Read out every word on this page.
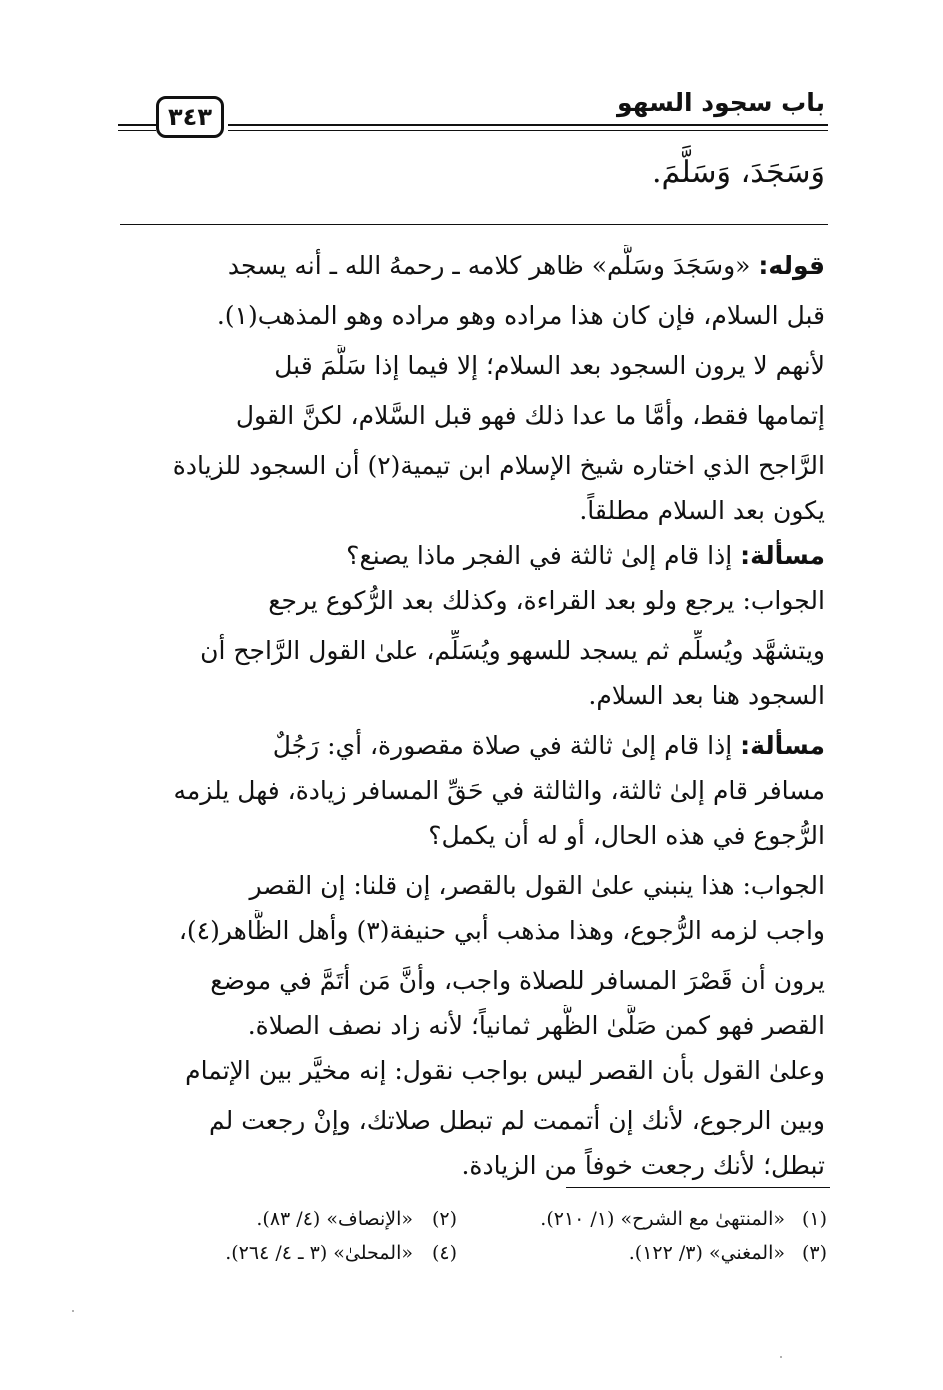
باب سجود السهو
٣٤٣
وَسَجَدَ، وَسَلَّمَ.
قوله: «وسَجَدَ وسَلَّم» ظاهر كلامه ـ رحمهُ الله ـ أنه يسجد
قبل السلام، فإن كان هذا مراده وهو مراده وهو المذهب(١).
لأنهم لا يرون السجود بعد السلام؛ إلا فيما إذا سَلَّمَ قبل
إتمامها فقط، وأمَّا ما عدا ذلك فهو قبل السَّلام، لكنَّ القول
الرَّاجح الذي اختاره شيخ الإسلام ابن تيمية(٢) أن السجود للزيادة
يكون بعد السلام مطلقاً.
مسألة: إذا قام إلىٰ ثالثة في الفجر ماذا يصنع؟
الجواب: يرجع ولو بعد القراءة، وكذلك بعد الرُّكوع يرجع
ويتشهَّد ويُسلِّم ثم يسجد للسهو ويُسَلِّم، علىٰ القول الرَّاجح أن
السجود هنا بعد السلام.
مسألة: إذا قام إلىٰ ثالثة في صلاة مقصورة، أي: رَجُلٌ
مسافر قام إلىٰ ثالثة، والثالثة في حَقِّ المسافر زيادة، فهل يلزمه
الرُّجوع في هذه الحال، أو له أن يكمل؟
الجواب: هذا ينبني علىٰ القول بالقصر، إن قلنا: إن القصر
واجب لزمه الرُّجوع، وهذا مذهب أبي حنيفة(٣) وأهل الظَّاهر(٤)،
يرون أن قَصْرَ المسافر للصلاة واجب، وأنَّ مَن أتَمَّ في موضع
القصر فهو كمن صَلَّىٰ الظُّهر ثمانياً؛ لأنه زاد نصف الصلاة.
وعلىٰ القول بأن القصر ليس بواجب نقول: إنه مخيَّر بين الإتمام
وبين الرجوع، لأنك إن أتممت لم تبطل صلاتك، وإنْ رجعت لم
تبطل؛ لأنك رجعت خوفاً من الزيادة.
(١)
«المنتهىٰ مع الشرح» (١/ ٢١٠).
(٢)
«الإنصاف» (٤/ ٨٣).
(٣)
«المغني» (٣/ ١٢٢).
(٤)
«المحلىٰ» (٣ ـ ٤/ ٢٦٤).
